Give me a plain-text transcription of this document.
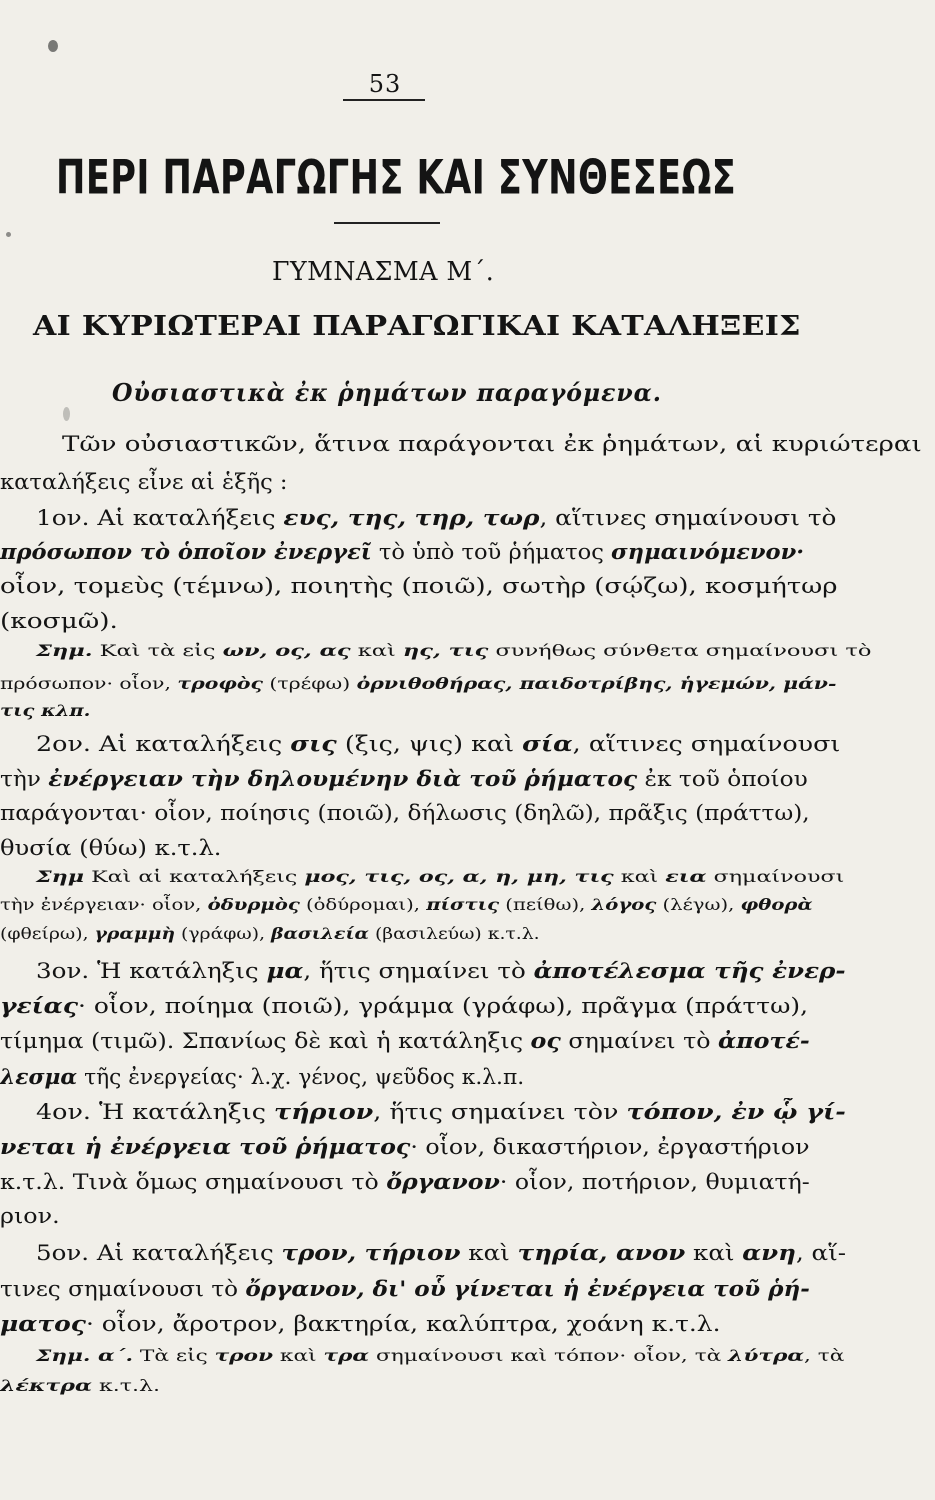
53
ΠΕΡΙ ΠΑΡΑΓΩΓΗΣ ΚΑΙ ΣΥΝΘΕΣΕΩΣ
ΓΥΜΝΑΣΜΑ Μ΄.
ΑΙ ΚΥΡΙΩΤΕΡΑΙ ΠΑΡΑΓΩΓΙΚΑΙ ΚΑΤΑΛΗΞΕΙΣ
Οὐσιαστικὰ ἐκ ῥημάτων παραγόμενα.
Τῶν οὐσιαστικῶν, ἅτινα παράγονται ἐκ ῥημάτων, αἱ κυριώτεραι
καταλήξεις εἶνε αἱ ἑξῆς :
1ον. Αἱ καταλήξεις ευς, της, τηρ, τωρ, αἵτινες σημαίνουσι τὸ
πρόσωπον τὸ ὁποῖον ἐνεργεῖ τὸ ὑπὸ τοῦ ῥήματος σημαινόμενον·
οἷον, τομεὺς (τέμνω), ποιητὴς (ποιῶ), σωτὴρ (σῴζω), κοσμήτωρ
(κοσμῶ).
Σημ. Καὶ τὰ εἰς ων, ος, ας καὶ ης, τις συνήθως σύνθετα σημαίνουσι τὸ
πρόσωπον· οἷον, τροφὸς (τρέφω) ὀρνιθοθήρας, παιδοτρίβης, ἡγεμών, μάν-
τις κλπ.
2ον. Αἱ καταλήξεις σις (ξις, ψις) καὶ σία, αἵτινες σημαίνουσι
τὴν ἐνέργειαν τὴν δηλουμένην διὰ τοῦ ῥήματος ἐκ τοῦ ὁποίου
παράγονται· οἷον, ποίησις (ποιῶ), δήλωσις (δηλῶ), πρᾶξις (πράττω),
θυσία (θύω) κ.τ.λ.
Σημ Καὶ αἱ καταλήξεις μος, τις, ος, α, η, μη, τις καὶ εια σημαίνουσι
τὴν ἐνέργειαν· οἷον, ὀδυρμὸς (ὀδύρομαι), πίστις (πείθω), λόγος (λέγω), φθορὰ
(φθείρω), γραμμὴ (γράφω), βασιλεία (βασιλεύω) κ.τ.λ.
3ον. Ἡ κατάληξις μα, ἥτις σημαίνει τὸ ἀποτέλεσμα τῆς ἐνερ-
γείας· οἷον, ποίημα (ποιῶ), γράμμα (γράφω), πρᾶγμα (πράττω),
τίμημα (τιμῶ). Σπανίως δὲ καὶ ἡ κατάληξις ος σημαίνει τὸ ἀποτέ-
λεσμα τῆς ἐνεργείας· λ.χ. γένος, ψεῦδος κ.λ.π.
4ον. Ἡ κατάληξις τήριον, ἥτις σημαίνει τὸν τόπον, ἐν ᾧ γί-
νεται ἡ ἐνέργεια τοῦ ῥήματος· οἷον, δικαστήριον, ἐργαστήριον
κ.τ.λ. Τινὰ ὅμως σημαίνουσι τὸ ὄργανον· οἷον, ποτήριον, θυμιατή-
ριον.
5ον. Αἱ καταλήξεις τρον, τήριον καὶ τηρία, ανον καὶ ανη, αἵ-
τινες σημαίνουσι τὸ ὄργανον, δι' οὗ γίνεται ἡ ἐνέργεια τοῦ ῥή-
ματος· οἷον, ἄροτρον, βακτηρία, καλύπτρα, χοάνη κ.τ.λ.
Σημ. α΄. Τὰ εἰς τρον καὶ τρα σημαίνουσι καὶ τόπον· οἷον, τὰ λύτρα, τὰ
λέκτρα κ.τ.λ.
